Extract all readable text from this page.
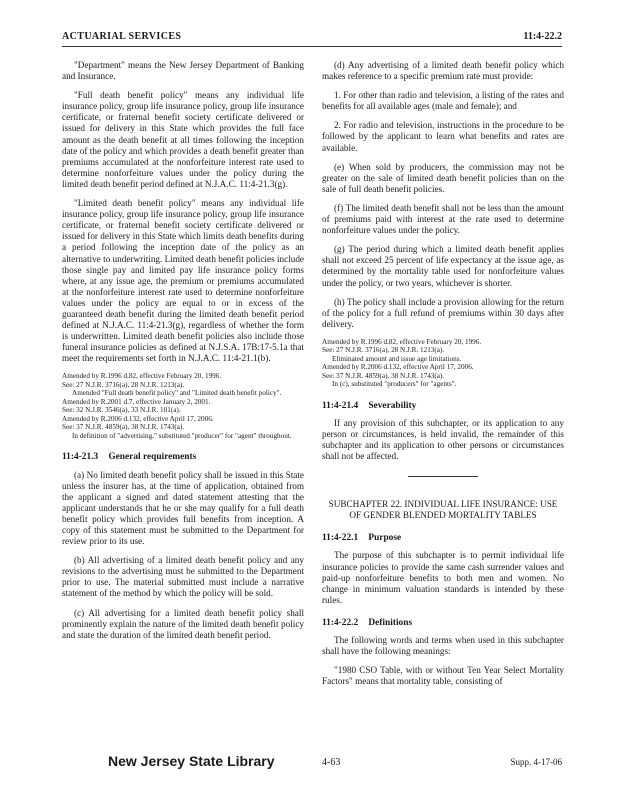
ACTUARIAL SERVICES	11:4-22.2

"Department" means the New Jersey Department of Banking and Insurance.

"Full death benefit policy" means any individual life insurance policy, group life insurance policy, group life insurance certificate, or fraternal benefit society certificate delivered or issued for delivery in this State which provides the full face amount as the death benefit at all times following the inception date of the policy and which provides a death benefit greater than premiums accumulated at the nonforfeiture interest rate used to determine nonforfeiture values under the policy during the limited death benefit period defined at N.J.A.C. 11:4-21.3(g).

"Limited death benefit policy" means any individual life insurance policy, group life insurance policy, group life insurance certificate, or fraternal benefit society certificate delivered or issued for delivery in this State which limits death benefits during a period following the inception date of the policy as an alternative to underwriting. Limited death benefit policies include those single pay and limited pay life insurance policy forms where, at any issue age, the premium or premiums accumulated at the nonforfeiture interest rate used to determine nonforfeiture values under the policy are equal to or in excess of the guaranteed death benefit during the limited death benefit period defined at N.J.A.C. 11:4-21.3(g), regardless of whether the form is underwritten. Limited death benefit policies also include those funeral insurance policies as defined at N.J.S.A. 17B:17-5.1a that meet the requirements set forth in N.J.A.C. 11:4-21.1(b).

Amended by R.1996 d.82, effective February 20, 1996.
See: 27 N.J.R. 3716(a), 28 N.J.R. 1213(a).
Amended "Full death benefit policy" and "Limited death benefit policy".
Amended by R.2001 d.7, effective January 2, 2001.
See: 32 N.J.R. 3546(a), 33 N.J.R. 101(a).
Amended by R.2006 d.132, effective April 17, 2006.
See: 37 N.J.R. 4859(a), 38 N.J.R. 1743(a).
In definition of "advertising," substituted "producer" for "agent" throughout.
11:4-21.3 General requirements

(a) No limited death benefit policy shall be issued in this State unless the insurer has, at the time of application, obtained from the applicant a signed and dated statement attesting that the applicant understands that he or she may qualify for a full death benefit policy which provides full benefits from inception. A copy of this statement must be submitted to the Department for review prior to its use.

(b) All advertising of a limited death benefit policy and any revisions to the advertising must be submitted to the Department prior to use. The material submitted must include a narrative statement of the method by which the policy will be sold.

(c) All advertising for a limited death benefit policy shall prominently explain the nature of the limited death benefit policy and state the duration of the limited death benefit period.

(d) Any advertising of a limited death benefit policy which makes reference to a specific premium rate must provide:

1. For other than radio and television, a listing of the rates and benefits for all available ages (male and female); and

2. For radio and television, instructions in the procedure to be followed by the applicant to learn what benefits and rates are available.

(e) When sold by producers, the commission may not be greater on the sale of limited death benefit policies than on the sale of full death benefit policies.

(f) The limited death benefit shall not be less than the amount of premiums paid with interest at the rate used to determine nonforfeiture values under the policy.

(g) The period during which a limited death benefit applies shall not exceed 25 percent of life expectancy at the issue age, as determined by the mortality table used for nonforfeiture values under the policy, or two years, whichever is shorter.

(h) The policy shall include a provision allowing for the return of the policy for a full refund of premiums within 30 days after delivery.

Amended by R.1996 d.82, effective February 20, 1996.
See: 27 N.J.R. 3716(a), 28 N.J.R. 1213(a).
Eliminated amount and issue age limitations.
Amended by R.2006 d.132, effective April 17, 2006.
See: 37 N.J.R. 4859(a), 38 N.J.R. 1743(a).
In (c), substituted "producers" for "agents".
11:4-21.4 Severability

If any provision of this subchapter, or its application to any person or circumstances, is held invalid, the remainder of this subchapter and its application to other persons or circumstances shall not be affected.

SUBCHAPTER 22. INDIVIDUAL LIFE INSURANCE: USE OF GENDER BLENDED MORTALITY TABLES
11:4-22.1 Purpose

The purpose of this subchapter is to permit individual life insurance policies to provide the same cash surrender values and paid-up nonforfeiture benefits to both men and women. No change in minimum valuation standards is intended by these rules.

11:4-22.2 Definitions

The following words and terms when used in this subchapter shall have the following meanings:

"1980 CSO Table, with or without Ten Year Select Mortality Factors" means that mortality table, consisting of

New Jersey State Library	4-63	Supp. 4-17-06
